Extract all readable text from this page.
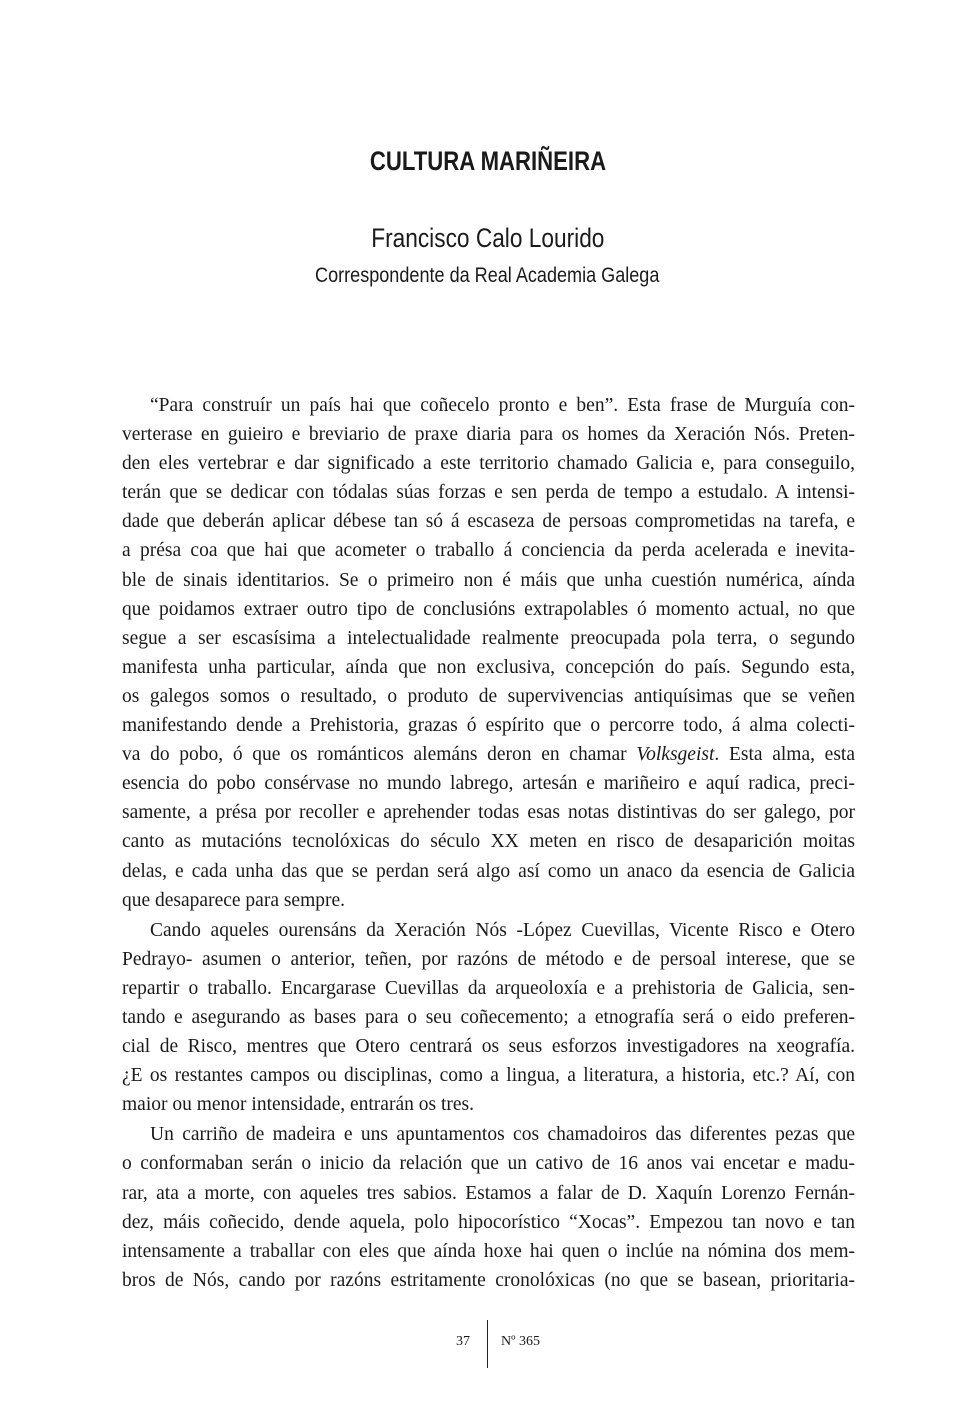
CULTURA MARIÑEIRA
Francisco Calo Lourido
Correspondente da Real Academia Galega
“Para construír un país hai que coñecelo pronto e ben”. Esta frase de Murguía con-
verterase en guieiro e breviario de praxe diaria para os homes da Xeración Nós. Preten-
den eles vertebrar e dar significado a este territorio chamado Galicia e, para conseguilo,
terán que se dedicar con tódalas súas forzas e sen perda de tempo a estudalo. A intensi-
dade que deberán aplicar débese tan só á escaseza de persoas comprometidas na tarefa, e
a présa coa que hai que acometer o traballo á conciencia da perda acelerada e inevita-
ble de sinais identitarios. Se o primeiro non é máis que unha cuestión numérica, aínda
que poidamos extraer outro tipo de conclusións extrapolables ó momento actual, no que
segue a ser escasísima a intelectualidade realmente preocupada pola terra, o segundo
manifesta unha particular, aínda que non exclusiva, concepción do país. Segundo esta,
os galegos somos o resultado, o produto de supervivencias antiquísimas que se veñen
manifestando dende a Prehistoria, grazas ó espírito que o percorre todo, á alma colecti-
va do pobo, ó que os románticos alemáns deron en chamar Volksgeist. Esta alma, esta
esencia do pobo consérvase no mundo labrego, artesán e mariñeiro e aquí radica, preci-
samente, a présa por recoller e aprehender todas esas notas distintivas do ser galego, por
canto as mutacións tecnolóxicas do século XX meten en risco de desaparición moitas
delas, e cada unha das que se perdan será algo así como un anaco da esencia de Galicia
que desaparece para sempre.
Cando aqueles ourensáns da Xeración Nós -López Cuevillas, Vicente Risco e Otero
Pedrayo- asumen o anterior, teñen, por razóns de método e de persoal interese, que se
repartir o traballo. Encargarase Cuevillas da arqueoloxía e a prehistoria de Galicia, sen-
tando e asegurando as bases para o seu coñecemento; a etnografía será o eido preferen-
cial de Risco, mentres que Otero centrará os seus esforzos investigadores na xeografía.
¿E os restantes campos ou disciplinas, como a lingua, a literatura, a historia, etc.? Aí, con
maior ou menor intensidade, entrarán os tres.
Un carriño de madeira e uns apuntamentos cos chamadoiros das diferentes pezas que
o conformaban serán o inicio da relación que un cativo de 16 anos vai encetar e madu-
rar, ata a morte, con aqueles tres sabios. Estamos a falar de D. Xaquín Lorenzo Fernán-
dez, máis coñecido, dende aquela, polo hipocorístico “Xocas”. Empezou tan novo e tan
intensamente a traballar con eles que aínda hoxe hai quen o inclúe na nómina dos mem-
bros de Nós, cando por razóns estritamente cronolóxicas (no que se basean, prioritaria-
37 Nº 365
